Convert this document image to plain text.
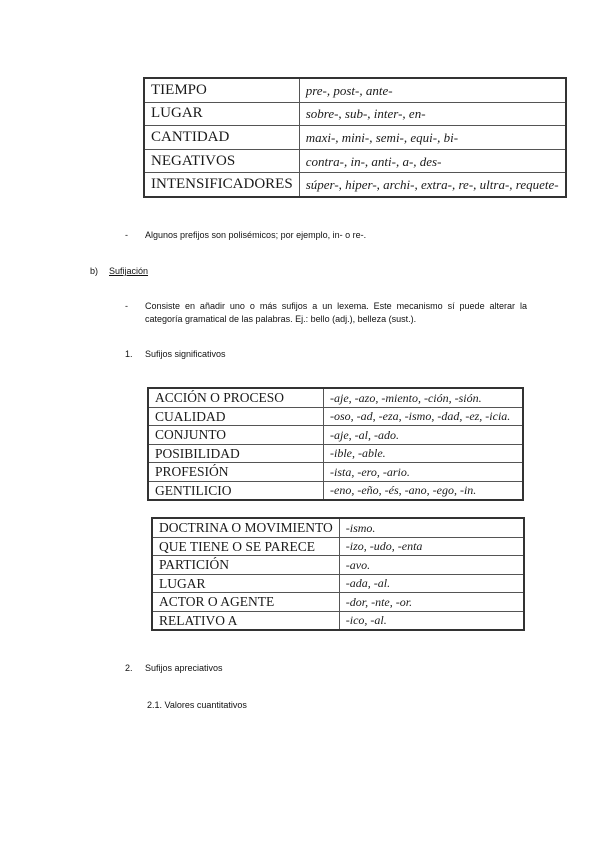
TIEMPO	pre-, post-, ante-
LUGAR	sobre-, sub-, inter-, en-
CANTIDAD	maxi-, mini-, semi-, equi-, bi-
NEGATIVOS	contra-, in-, anti-, a-, des-
INTENSIFICADORES	súper-, hiper-, archi-, extra-, re-, ultra-, requete-
- Algunos prefijos son polisémicos; por ejemplo, in- o re-.
b) Sufijación
- Consiste en añadir uno o más sufijos a un lexema. Este mecanismo sí puede alterar la
categoría gramatical de las palabras. Ej.: bello (adj.), belleza (sust.).
1. Sufijos significativos
ACCIÓN O PROCESO	-aje, -azo, -miento, -ción, -sión.
CUALIDAD	-oso, -ad, -eza, -ismo, -dad, -ez, -icia.
CONJUNTO	-aje, -al, -ado.
POSIBILIDAD	-ible, -able.
PROFESIÓN	-ista, -ero, -ario.
GENTILICIO	-eno, -eño, -és, -ano, -ego, -in.
DOCTRINA O MOVIMIENTO	-ismo.
QUE TIENE O SE PARECE	-izo, -udo, -enta
PARTICIÓN	-avo.
LUGAR	-ada, -al.
ACTOR O AGENTE	-dor, -nte, -or.
RELATIVO A	-ico, -al.
2. Sufijos apreciativos
2.1. Valores cuantitativos
